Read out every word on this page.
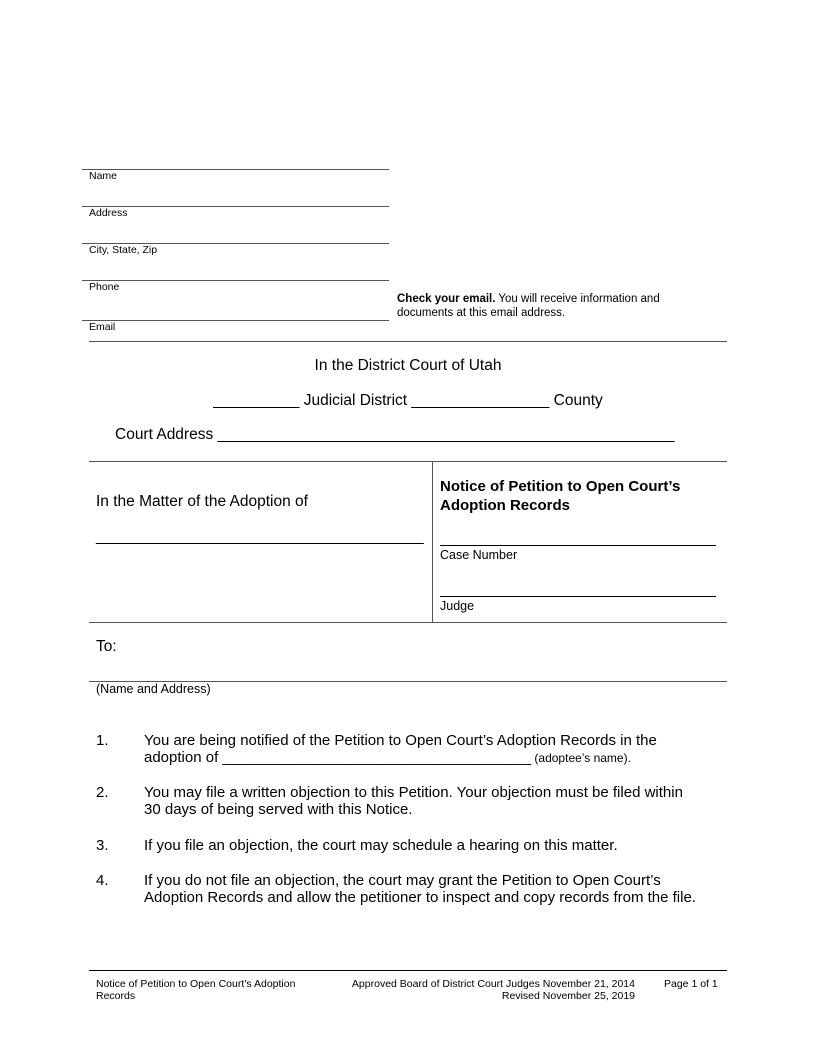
Name
Address
City, State, Zip
Phone
Email
Check your email. You will receive information and documents at this email address.
In the District Court of Utah
__________ Judicial District ________________ County
Court Address _____________________________________________________
In the Matter of the Adoption of
______________________________________
Notice of Petition to Open Court’s
Adoption Records
Case Number
Judge
To:
(Name and Address)
1. You are being notified of the Petition to Open Court’s Adoption Records in the
adoption of _____________________________________ (adoptee’s name).
2. You may file a written objection to this Petition. Your objection must be filed within 30 days of being served with this Notice.
3. If you file an objection, the court may schedule a hearing on this matter.
4. If you do not file an objection, the court may grant the Petition to Open Court’s Adoption Records and allow the petitioner to inspect and copy records from the file.
Notice of Petition to Open Court’s Adoption
Records
Approved Board of District Court Judges November 21, 2014
Revised November 25, 2019
Page 1 of 1
